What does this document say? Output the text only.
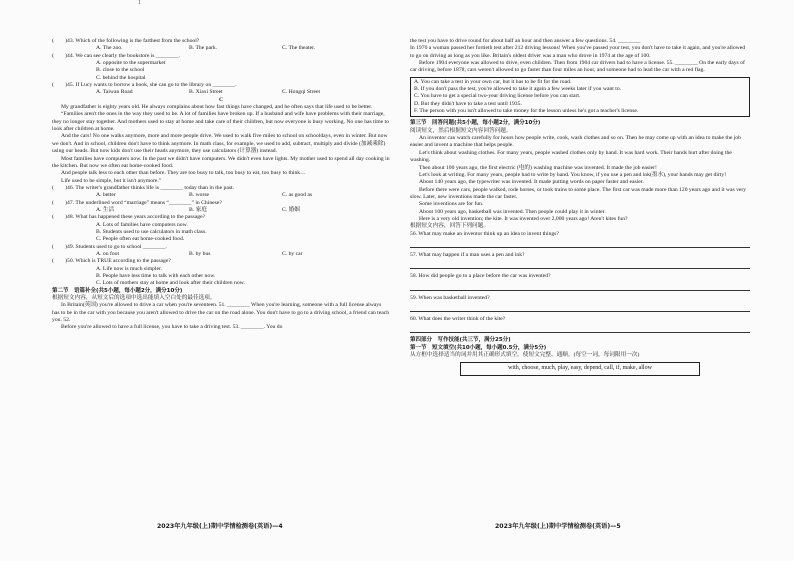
1
(　　)43. Which of the following is the farthest from the school?
A. The zoo.	B. The park.	C. The theater.
(　　)44. We can see clearly the bookstore is ________.
A. opposite to the supermarket
B. close to the school
C. behind the hospital
(　　)45. If Lucy wants to borrow a book, she can go to the library on ________.
A. Taiwan Road	B. Xiaxi Street	C. Hongqi Street
C
My grandfather is eighty years old. He always complains about how fast things have changed, and he often says that life used to be better.
“Families aren't the ones in the way they used to be. A lot of families have broken up. If a husband and wife have problems with their marriage, they no longer stay together. And mothers used to stay at home and take care of their children, but now everyone is busy working. No one has time to look after children at home.
And the cars! No one walks anymore, more and more people drive. We used to walk five miles to school on schooldays, even in winter. But now we don't. And in school, children don't have to think anymore. In math class, for example, we used to add, subtract, multiply and divide (加减乘除) using our heads. But now kids don't use their heads anymore, they use calculators (计算器) instead.
Most families have computers now. In the past we didn't have computers. We didn't even have lights. My mother used to spend all day cooking in the kitchen. But now we often eat home-cooked food.
And people talk less to each other than before. They are too busy to talk, too busy to eat, too busy to think…
Life used to be simple, but it isn't anymore.”
(　　)46. The writer's grandfather thinks life is ________ today than in the past.
A. better	B. worse	C. as good as
(　　)47. The underlined word “marriage” means “________” in Chinese?
A. 生活	B. 家庭	C. 婚姻
(　　)48. What has happened these years according to the passage?
A. Lots of families have computers now.
B. Students used to use calculators in math class.
C. People often eat home-cooked food.
(　　)49. Students used to go to school ________.
A. on foot	B. by bus	C. by car
(　　)50. Which is TRUE according to the passage?
A. Life now is much simpler.
B. People have less time to talk with each other now.
C. Lots of mothers stay at home and look after their children now.
第二节　语篇补全(共5小题，每小题2分，满分10分)
根据短文内容，从短文后的选项中选出能填入空白处的最佳选项。
In Britain(英国) you're allowed to drive a car when you're seventeen. 51. ________ When you're learning, someone with a full license always has to be in the car with you because you aren't allowed to drive the car on the road alone. You don't have to go to a driving school, a friend can teach you. 52.
Before you're allowed to have a full license, you have to take a driving test. 53. ________. You do
the test you have to drive round for about half an hour and then answer a few questions. 54. ________
In 1970 a woman passed her fortieth test after 212 driving lessons! When you've passed your test, you don't have to take it again, and you're allowed to go on driving as long as you like. Britain's oldest driver was a man who drove in 1974 at the age of 100.
Before 1904 everyone was allowed to drive, even children. Then from 1904 car drivers had to have a license. 55. ________ On the early days of car driving, before 1878, cars weren't allowed to go faster than four miles an hour, and someone had to lead the car with a red flag.
A. You can take a test in your own car, but it has to be fit for the road.
B. If you don't pass the test, you're allowed to take it again a few weeks later if you want to.
C. You have to get a special two-year driving license before you can start.
D. But they didn't have to take a test until 1935.
F. The person with you isn't allowed to take money for the lesson unless he's got a teacher's license.
第三节　回答问题(共5小题，每小题2分，满分10分)
阅读短文，然后根据短文内容回答问题。
An inventor can watch carefully for hours how people write, cook, wash clothes and so on. Then he may come up with an idea to make the job easier and invent a machine that helps people.
Let's think about washing clothes. For many years, people washed clothes only by hand. It was hard work. Their hands hurt after doing the washing.
Then about 100 years ago, the first electric (电的) washing machine was invented. It made the job easier!
Let's look at writing. For many years, people had to write by hand. You know, if you use a pen and ink(墨水), your hands may get dirty!
About 140 years ago, the typewriter was invented. It made putting words on paper faster and easier.
Before there were cars, people walked, rode horses, or took trains to some place. The first car was made more than 120 years ago and it was very slow. Later, new inventions made the car faster.
Some inventions are for fun.
About 100 years ago, basketball was invented. Then people could play it in winter.
Here is a very old invention; the kite. It was invented over 2,000 years ago! Aren't kites fun?
根据短文内容，回答下列问题。
56. What may make an inventor think up an idea to invent things?
57. What may happen if a man uses a pen and ink?
58. How did people go to a place before the car was invented?
59. When was basketball invented?
60. What does the writer think of the kite?
第四部分　写作技能(共三节，满分25分)
第一节　短文填空(共10小题，每小题0.5分，满分5分)
从方框中选择适当的词并用其正确形式填空，使短文完整、通顺。(每空一词，每词限用一次)
with, choose, much, play, easy, depend, call, if, make, allow
2023年九年级(上)期中学情检测卷(英语)—4	2023年九年级(上)期中学情检测卷(英语)—5
